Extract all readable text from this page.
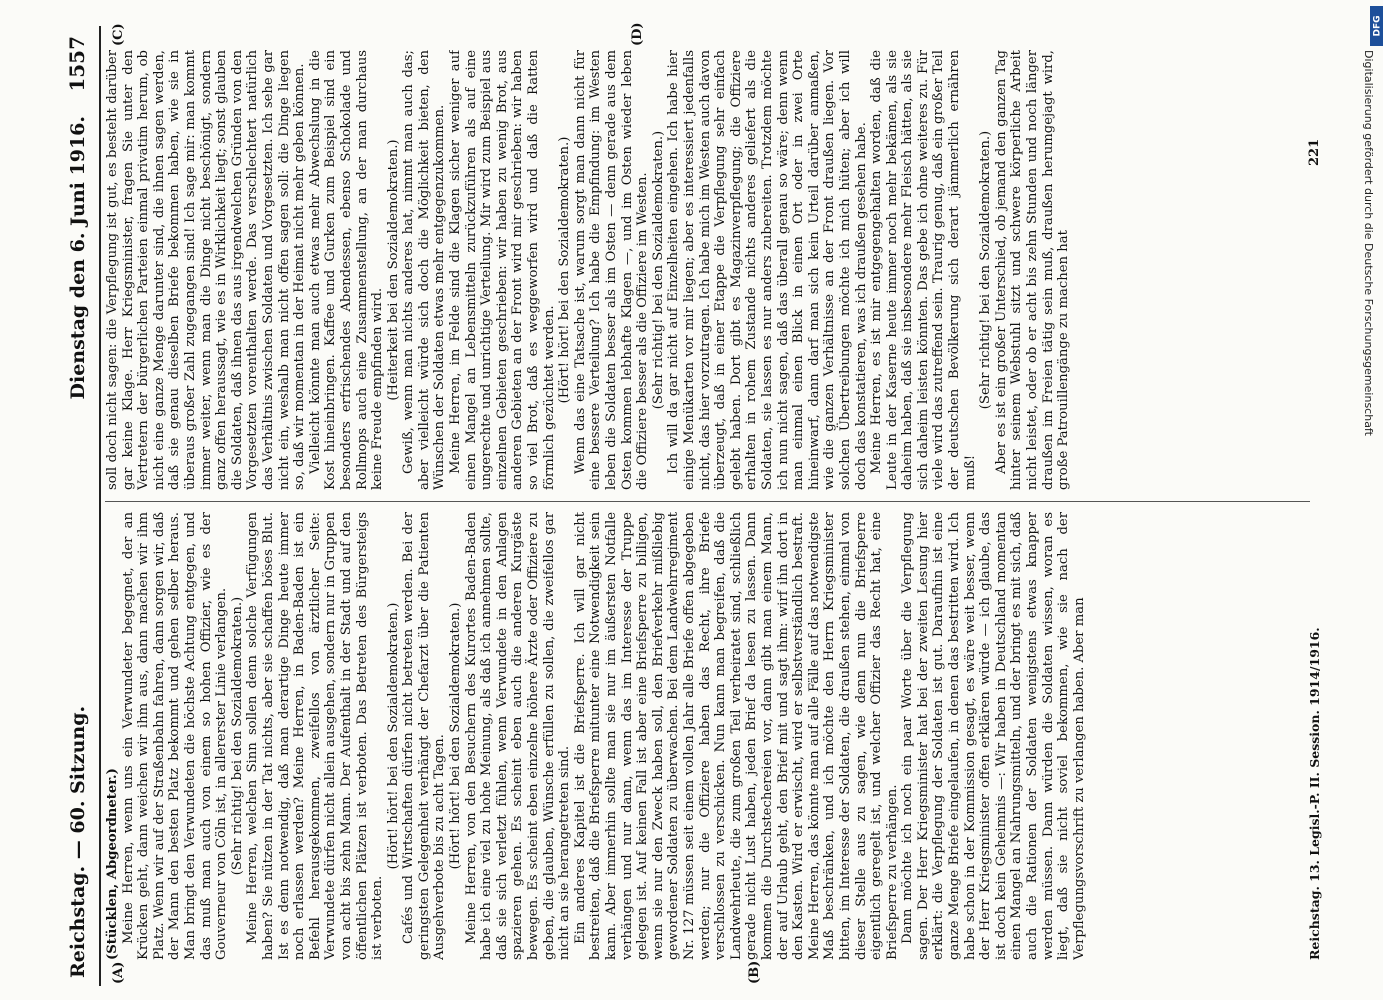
Reichstag. — 60. Sitzung.
Dienstag den 6. Juni 1916.
1557
(A)	(B)
(C)	(D)

(Stücklen, Abgeordneter.) Meine Herren, wenn uns ein Verwundeter begegnet, der an Krücken geht, dann weichen wir ihm aus, dann machen wir ihm Platz. Wenn wir auf der Straßenbahn fahren, dann sorgen wir, daß der Mann den besten Platz bekommt und gehen selber heraus. Man bringt den Verwundeten die höchste Achtung entgegen, und das muß man auch von einem so hohen Offizier, wie es der Gouverneur von Cöln ist, in allererster Linie verlangen. (Sehr richtig! bei den Sozialdemokraten.) Meine Herren, welchen Sinn sollen denn solche Verfügungen haben? Sie nützen in der Tat nichts, aber sie schaffen böses Blut. Ist es denn notwendig, daß man derartige Dinge heute immer noch erlassen werden? Meine Herren, in Baden-Baden ist ein Befehl herausgekommen, zweifellos von ärztlicher Seite: Verwundete dürfen nicht allein ausgehen, sondern nur in Gruppen von acht bis zehn Mann. Der Aufenthalt in der Stadt und auf den öffentlichen Plätzen ist verboten. Das Betreten des Bürgersteigs ist verboten.

(Hört! hört! bei den Sozialdemokraten.) Cafés und Wirtschaften dürfen nicht betreten werden. Bei der geringsten Gelegenheit verhängt der Chefarzt über die Patienten Ausgehverbote bis zu acht Tagen. (Hört! hört! bei den Sozialdemokraten.) Meine Herren, von den Besuchern des Kurortes Baden-Baden habe ich eine viel zu hohe Meinung, als daß ich annehmen sollte, daß sie sich verletzt fühlen, wenn Verwundete in den Anlagen spazieren gehen. Es scheint eben auch die anderen Kurgäste bewegen. Es scheint eben einzelne höhere Ärzte oder Offiziere zu geben, die glauben, Wünsche erfüllen zu sollen, die zweifellos gar nicht an sie herangetreten sind. Ein anderes Kapitel ist die Briefsperre. Ich will gar nicht bestreiten, daß die Briefsperre mitunter eine Notwendigkeit sein kann. Aber immerhin sollte man sie nur im äußersten Notfalle verhängen und nur dann, wenn das im Interesse der Truppe gelegen ist. Auf keinen Fall ist aber eine Briefsperre zu billigen, wenn sie nur den Zweck haben soll, den Briefverkehr mißliebig gewordener Soldaten zu überwachen. Bei dem Landwehrregiment Nr. 127 müssen seit einem vollen Jahr alle Briefe offen abgegeben werden; nur die Offiziere haben das Recht, ihre Briefe verschlossen zu verschicken. Nun kann man begreifen, daß die Landwehrleute, die zum großen Teil verheiratet sind, schließlich gerade nicht Lust haben, jeden Brief da lesen zu lassen. Dann kommen die Durchstechereien vor, dann gibt man einem Mann, der auf Urlaub geht, den Brief mit und sagt ihm: wirf ihn dort in den Kasten. Wird er erwischt, wird er selbstverständlich bestraft. Meine Herren, das könnte man auf alle Fälle auf das notwendigste Maß beschränken, und ich möchte den Herrn Kriegsminister bitten, im Interesse der Soldaten, die draußen stehen, einmal von dieser Stelle aus zu sagen, wie denn nun die Briefsperre eigentlich geregelt ist, und welcher Offizier das Recht hat, eine Briefsperre zu verhängen. Dann möchte ich noch ein paar Worte über die Verpflegung sagen. Der Herr Kriegsminister hat bei der zweiten Lesung hier erklärt: die Verpflegung der Soldaten ist gut. Daraufhin ist eine ganze Menge Briefe eingelaufen, in denen das bestritten wird. Ich habe schon in der Kommission gesagt, es wäre weit besser, wenn der Herr Kriegsminister offen erklären würde — ich glaube, das ist doch kein Geheimnis —: Wir haben in Deutschland momentan einen Mangel an Nahrungsmitteln, und der bringt es mit sich, daß auch die Rationen der Soldaten wenigstens etwas knapper werden müssen. Dann würden die Soldaten wissen, woran es liegt, daß sie nicht soviel bekommen, wie sie nach der Verpflegungsvorschrift zu verlangen haben. Aber man

soll doch nicht sagen: die Verpflegung ist gut, es besteht darüber gar keine Klage. Herr Kriegsminister, fragen Sie unter den Vertretern der bürgerlichen Parteien einmal privatim herum, ob nicht eine ganze Menge darunter sind, die ihnen sagen werden, daß sie genau dieselben Briefe bekommen haben, wie sie in überaus großer Zahl zugegangen sind! Ich sage mir: man kommt immer weiter, wenn man die Dinge nicht beschönigt, sondern ganz offen heraussagt, wie es in Wirklichkeit liegt; sonst glauben die Soldaten, daß ihnen das aus irgendwelchen Gründen von den Vorgesetzten vorenthalten werde. Das verschlechtert natürlich das Verhältnis zwischen Soldaten und Vorgesetzten. Ich sehe gar nicht ein, weshalb man nicht offen sagen soll: die Dinge liegen so, daß wir momentan in der Heimat nicht mehr geben können. Vielleicht könnte man auch etwas mehr Abwechslung in die Kost hineinbringen. Kaffee und Gurken zum Beispiel sind ein besonders erfrischendes Abendessen, ebenso Schokolade und Rollmops auch eine Zusammenstellung, an der man durchaus keine Freude empfinden wird. (Heiterkeit bei den Sozialdemokraten.) Gewiß, wenn man nichts anderes hat, nimmt man auch das; aber vielleicht würde sich doch die Möglichkeit bieten, den Wünschen der Soldaten etwas mehr entgegenzukommen. Meine Herren, im Felde sind die Klagen sicher weniger auf einen Mangel an Lebensmitteln zurückzuführen als auf eine ungerechte und unrichtige Verteilung. Mir wird zum Beispiel aus einzelnen Gebieten geschrieben: wir haben zu wenig Brot, aus anderen Gebieten an der Front wird mir geschrieben: wir haben so viel Brot, daß es weggeworfen wird und daß die Ratten förmlich gezüchtet werden. (Hört! hört! bei den Sozialdemokraten.) Wenn das eine Tatsache ist, warum sorgt man dann nicht für eine bessere Verteilung? Ich habe die Empfindung: im Westen leben die Soldaten besser als im Osten — denn gerade aus dem Osten kommen lebhafte Klagen —, und im Osten wieder leben die Offiziere besser als die Offiziere im Westen. (Sehr richtig! bei den Sozialdemokraten.) Ich will da gar nicht auf Einzelheiten eingehen. Ich habe hier einige Menükarten vor mir liegen; aber es interessiert jedenfalls nicht, das hier vorzutragen. Ich habe mich im Westen auch davon überzeugt, daß in einer Etappe die Verpflegung sehr einfach gelebt haben. Dort gibt es Magazinverpflegung; die Offiziere erhalten in rohem Zustande nichts anderes geliefert als die Soldaten, sie lassen es nur anders zubereiten. Trotzdem möchte ich nun nicht sagen, daß das überall genau so wäre; denn wenn man einmal einen Blick in einen Ort oder in zwei Orte hineinwarf, dann darf man sich kein Urteil darüber anmaßen, wie die ganzen Verhältnisse an der Front draußen liegen. Vor solchen Übertreibungen möchte ich mich hüten; aber ich will doch das konstatieren, was ich draußen gesehen habe. Meine Herren, es ist mir entgegengehalten worden, daß die Leute in der Kaserne heute immer noch mehr bekämen, als sie daheim haben, daß sie insbesondere mehr Fleisch hätten, als sie sich daheim leisten könnten. Das gebe ich ohne weiteres zu. Für viele wird das zutreffend sein. Traurig genug, daß ein großer Teil der deutschen Bevölkerung sich derart jämmerlich ernähren muß!

(Sehr richtig! bei den Sozialdemokraten.) Aber es ist ein großer Unterschied, ob jemand den ganzen Tag hinter seinem Webstuhl sitzt und schwere körperliche Arbeit nicht leistet, oder ob er acht bis zehn Stunden und noch länger draußen im Freien tätig sein muß, draußen herumgejagt wird, große Patrouillengänge zu machen hat

Reichstag. 13. Legisl.-P. II. Session. 1914/1916.
221
DFG
Digitalisierung gefördert durch die Deutsche Forschungsgemeinschaft
